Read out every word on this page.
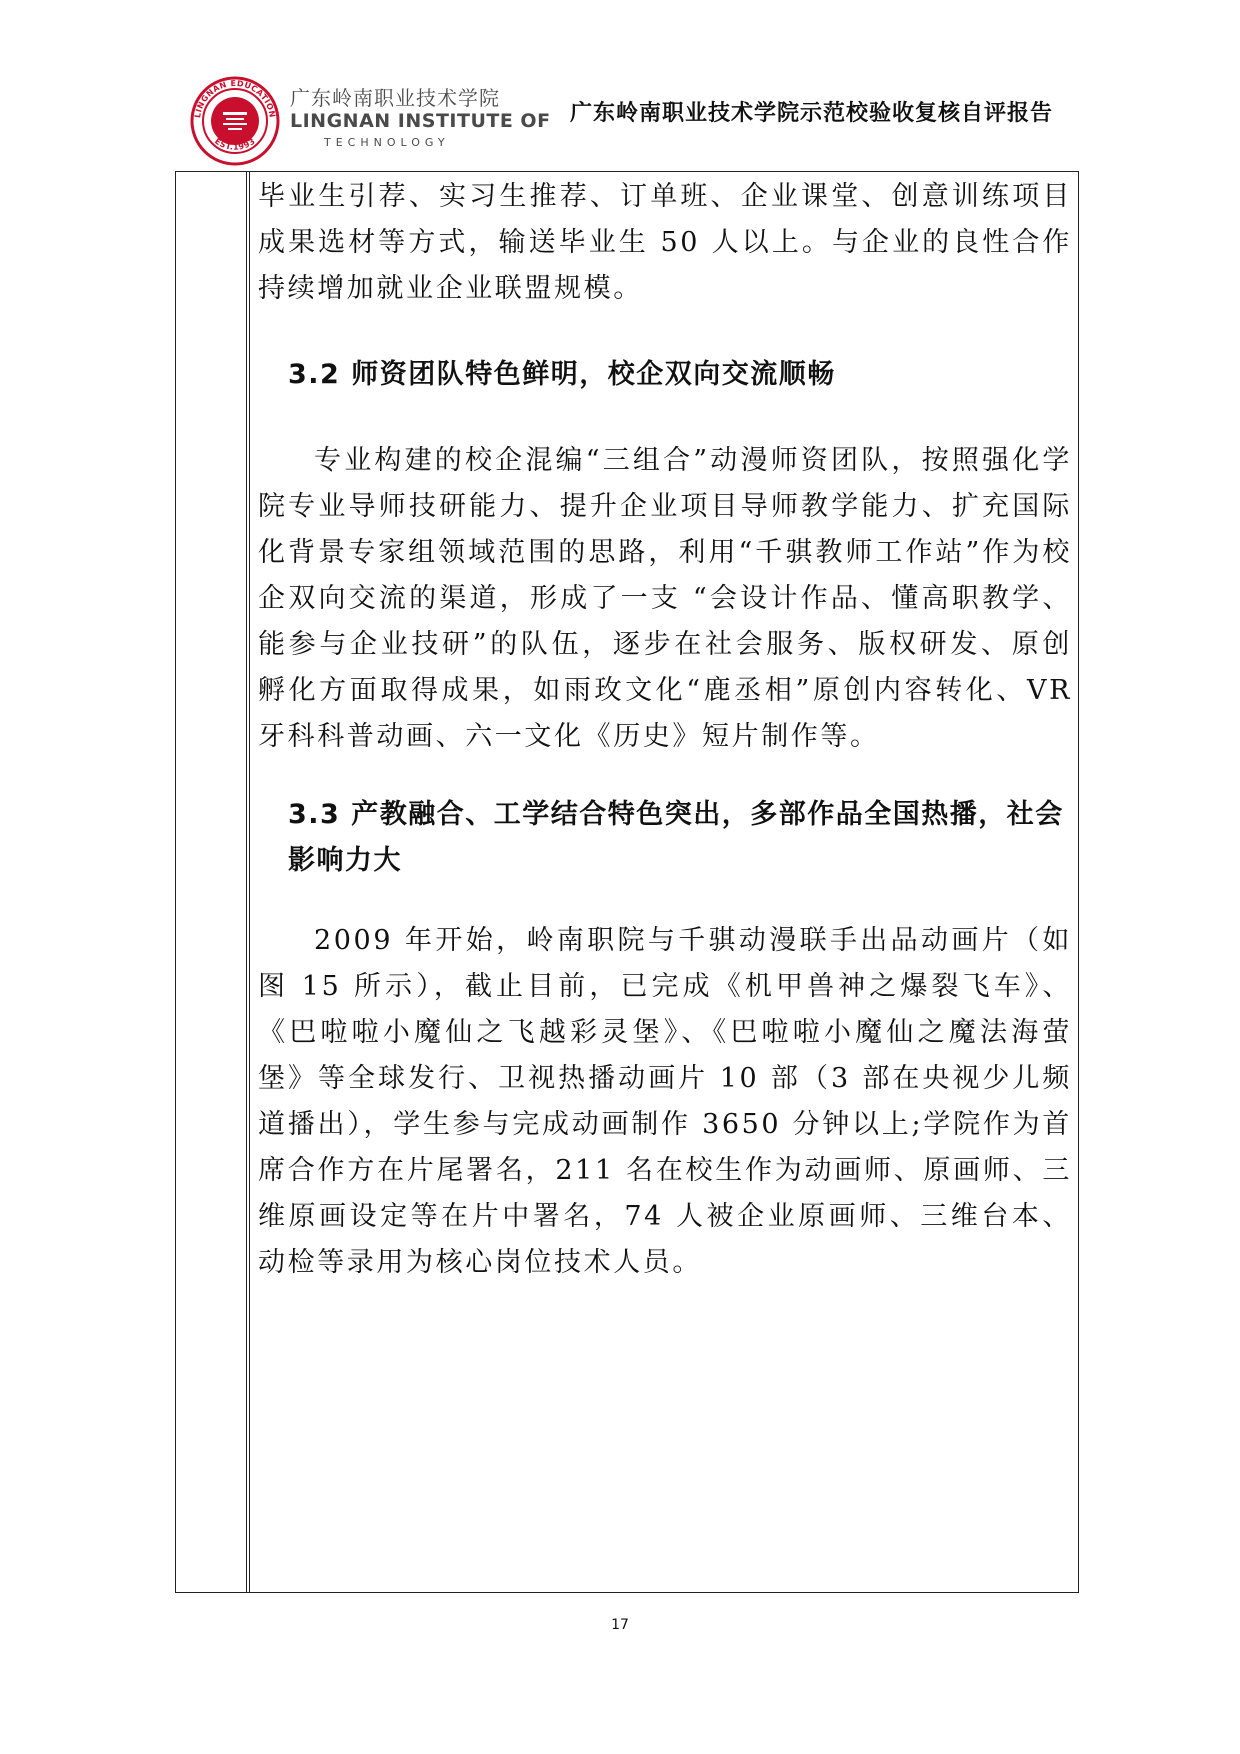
LINGNAN EDUCATION
EST.1993
广东岭南职业技术学院
LINGNAN INSTITUTE OF
TECHNOLOGY
广东岭南职业技术学院示范校验收复核自评报告

毕业生引荐、实习生推荐、订单班、企业课堂、创意训练项目成果选材等方式，输送毕业生 50 人以上。与企业的良性合作持续增加就业企业联盟规模。

3.2 师资团队特色鲜明，校企双向交流顺畅

专业构建的校企混编“三组合”动漫师资团队，按照强化学院专业导师技研能力、提升企业项目导师教学能力、扩充国际化背景专家组领域范围的思路，利用“千骐教师工作站”作为校企双向交流的渠道，形成了一支 “会设计作品、懂高职教学、能参与企业技研”的队伍，逐步在社会服务、版权研发、原创孵化方面取得成果，如雨玫文化“鹿丞相”原创内容转化、VR 牙科科普动画、六一文化《历史》短片制作等。

3.3 产教融合、工学结合特色突出，多部作品全国热播，社会影响力大

2009 年开始，岭南职院与千骐动漫联手出品动画片（如图 15 所示），截止目前，已完成《机甲兽神之爆裂飞车》、《巴啦啦小魔仙之飞越彩灵堡》、《巴啦啦小魔仙之魔法海萤堡》等全球发行、卫视热播动画片 10 部（3 部在央视少儿频道播出），学生参与完成动画制作 3650 分钟以上;学院作为首席合作方在片尾署名，211 名在校生作为动画师、原画师、三维原画设定等在片中署名，74 人被企业原画师、三维台本、动检等录用为核心岗位技术人员。

17
